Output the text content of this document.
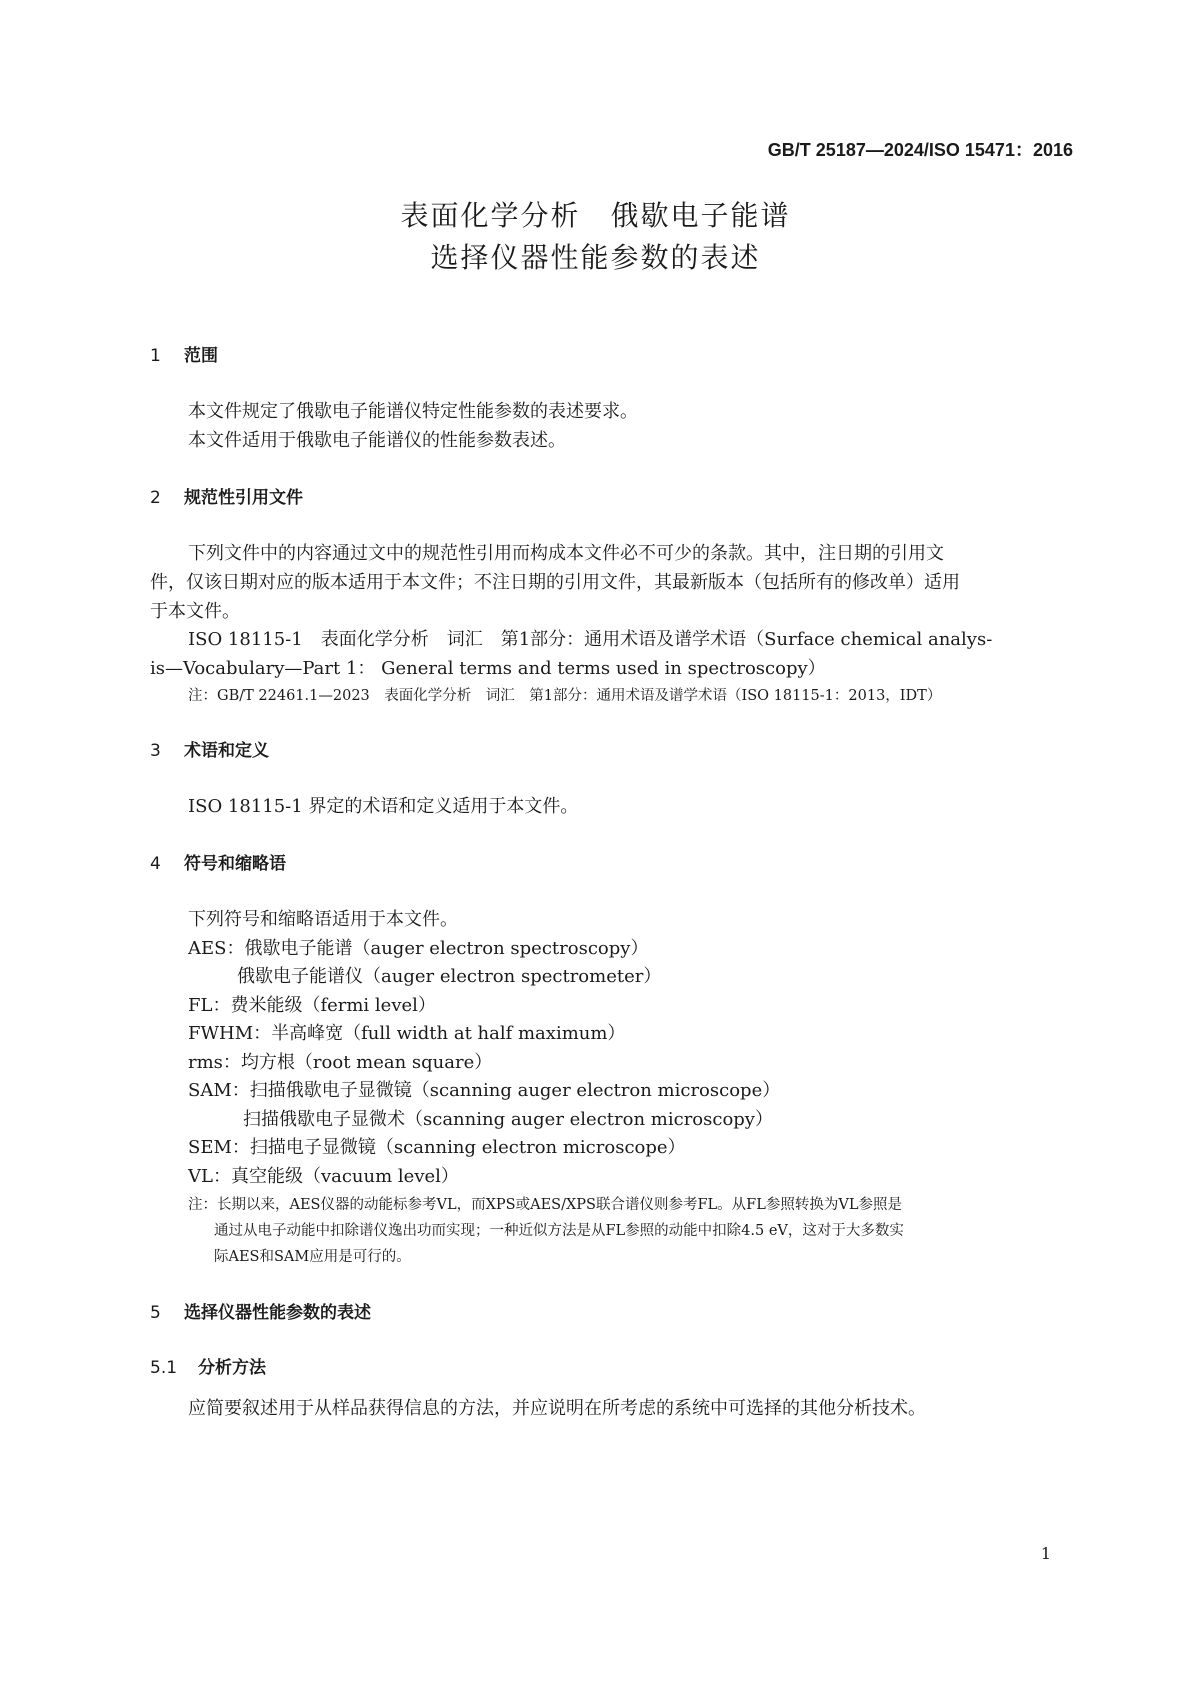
GB/T 25187—2024/ISO 15471：2016
表面化学分析　俄歇电子能谱
选择仪器性能参数的表述
1 范围
本文件规定了俄歇电子能谱仪特定性能参数的表述要求。
本文件适用于俄歇电子能谱仪的性能参数表述。
2 规范性引用文件
下列文件中的内容通过文中的规范性引用而构成本文件必不可少的条款。其中，注日期的引用文
件，仅该日期对应的版本适用于本文件；不注日期的引用文件，其最新版本（包括所有的修改单）适用
于本文件。
ISO 18115-1　表面化学分析　词汇　第1部分：通用术语及谱学术语（Surface chemical analys-
is—Vocabulary—Part 1： General terms and terms used in spectroscopy）
注：GB/T 22461.1—2023　表面化学分析　词汇　第1部分：通用术语及谱学术语（ISO 18115-1：2013，IDT）
3 术语和定义
ISO 18115-1 界定的术语和定义适用于本文件。
4 符号和缩略语
下列符号和缩略语适用于本文件。
AES：俄歇电子能谱（auger electron spectroscopy）
俄歇电子能谱仪（auger electron spectrometer）
FL：费米能级（fermi level）
FWHM：半高峰宽（full width at half maximum）
rms：均方根（root mean square）
SAM：扫描俄歇电子显微镜（scanning auger electron microscope）
扫描俄歇电子显微术（scanning auger electron microscopy）
SEM：扫描电子显微镜（scanning electron microscope）
VL：真空能级（vacuum level）
注：长期以来，AES仪器的动能标参考VL，而XPS或AES/XPS联合谱仪则参考FL。从FL参照转换为VL参照是
通过从电子动能中扣除谱仪逸出功而实现；一种近似方法是从FL参照的动能中扣除4.5 eV，这对于大多数实
际AES和SAM应用是可行的。
5 选择仪器性能参数的表述
5.1 分析方法
应简要叙述用于从样品获得信息的方法，并应说明在所考虑的系统中可选择的其他分析技术。
1
